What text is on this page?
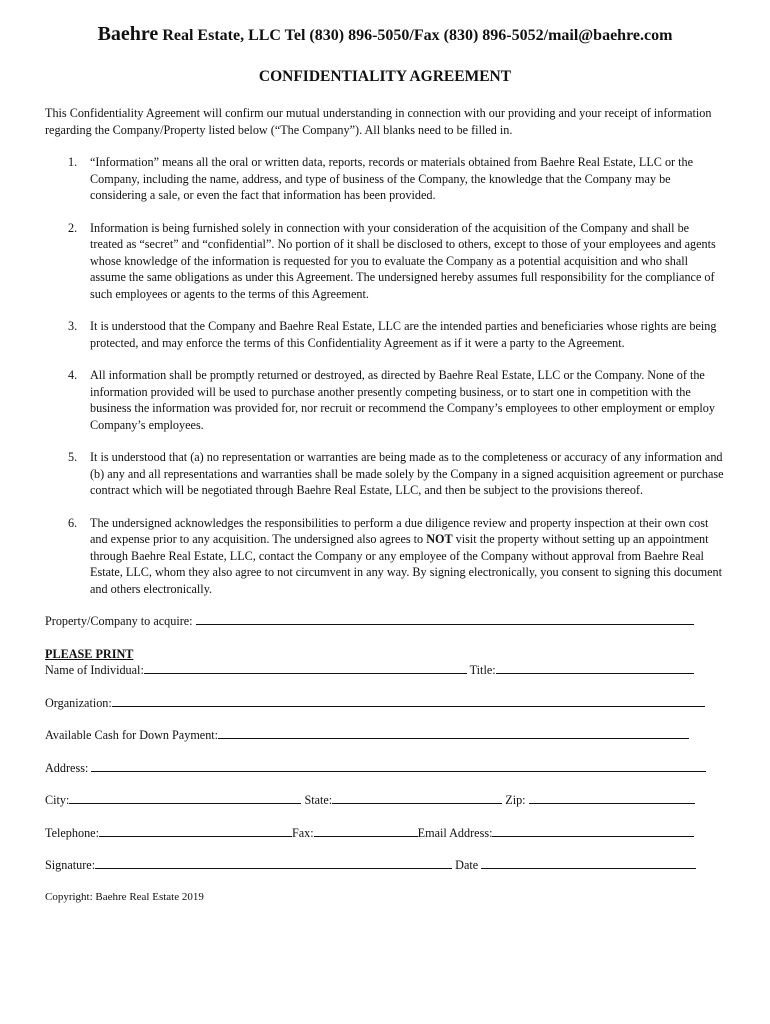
Baehre Real Estate, LLC Tel (830) 896-5050/Fax (830) 896-5052/mail@baehre.com
CONFIDENTIALITY AGREEMENT
This Confidentiality Agreement will confirm our mutual understanding in connection with our providing and your receipt of information regarding the Company/Property listed below (“The Company”). All blanks need to be filled in.
1.	“Information” means all the oral or written data, reports, records or materials obtained from Baehre Real Estate, LLC or the Company, including the name, address, and type of business of the Company, the knowledge that the Company may be considering a sale, or even the fact that information has been provided.
2.	Information is being furnished solely in connection with your consideration of the acquisition of the Company and shall be treated as “secret” and “confidential”. No portion of it shall be disclosed to others, except to those of your employees and agents whose knowledge of the information is requested for you to evaluate the Company as a potential acquisition and who shall assume the same obligations as under this Agreement. The undersigned hereby assumes full responsibility for the compliance of such employees or agents to the terms of this Agreement.
3.	It is understood that the Company and Baehre Real Estate, LLC are the intended parties and beneficiaries whose rights are being protected, and may enforce the terms of this Confidentiality Agreement as if it were a party to the Agreement.
4.	All information shall be promptly returned or destroyed, as directed by Baehre Real Estate, LLC or the Company. None of the information provided will be used to purchase another presently competing business, or to start one in competition with the business the information was provided for, nor recruit or recommend the Company’s employees to other employment or employ Company’s employees.
5.	It is understood that (a) no representation or warranties are being made as to the completeness or accuracy of any information and (b) any and all representations and warranties shall be made solely by the Company in a signed acquisition agreement or purchase contract which will be negotiated through Baehre Real Estate, LLC, and then be subject to the provisions thereof.
6.	The undersigned acknowledges the responsibilities to perform a due diligence review and property inspection at their own cost and expense prior to any acquisition. The undersigned also agrees to NOT visit the property without setting up an appointment through Baehre Real Estate, LLC, contact the Company or any employee of the Company without approval from Baehre Real Estate, LLC, whom they also agree to not circumvent in any way. By signing electronically, you consent to signing this document and others electronically.
Property/Company to acquire:
PLEASE PRINT
Name of Individual:	Title:
Organization:
Available Cash for Down Payment:
Address:
City:	State:	Zip:
Telephone:	Fax:	Email Address:
Signature:	Date
Copyright: Baehre Real Estate 2019
